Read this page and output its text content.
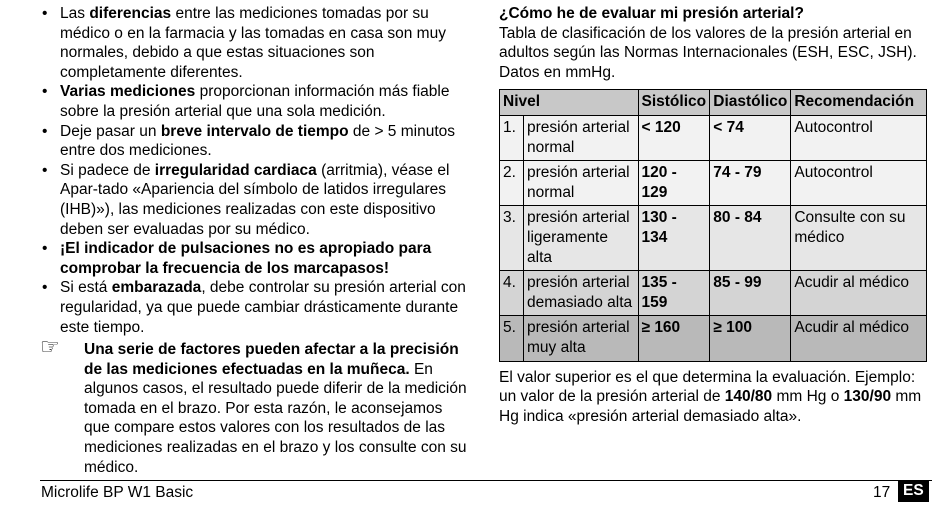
• Las diferencias entre las mediciones tomadas por su médico o en la farmacia y las tomadas en casa son muy normales, debido a que estas situaciones son completamente diferentes.
• Varias mediciones proporcionan información más fiable sobre la presión arterial que una sola medición.
• Deje pasar un breve intervalo de tiempo de > 5 minutos entre dos mediciones.
• Si padece de irregularidad cardiaca (arritmia), véase el Apar-tado «Apariencia del símbolo de latidos irregulares (IHB)»), las mediciones realizadas con este dispositivo deben ser evaluadas por su médico.
• ¡El indicador de pulsaciones no es apropiado para comprobar la frecuencia de los marcapasos!
• Si está embarazada, debe controlar su presión arterial con regularidad, ya que puede cambiar drásticamente durante este tiempo.
☞ Una serie de factores pueden afectar a la precisión de las mediciones efectuadas en la muñeca. En algunos casos, el resultado puede diferir de la medición tomada en el brazo. Por esta razón, le aconsejamos que compare estos valores con los resultados de las mediciones realizadas en el brazo y los consulte con su médico.
¿Cómo he de evaluar mi presión arterial?
Tabla de clasificación de los valores de la presión arterial en adultos según las Normas Internacionales (ESH, ESC, JSH). Datos en mmHg.
Nivel		Sistólico	Diastólico	Recomendación
1.	presión arterial normal	< 120	< 74	Autocontrol
2.	presión arterial normal	120 - 129	74 - 79	Autocontrol
3.	presión arterial ligeramente alta	130 - 134	80 - 84	Consulte con su médico
4.	presión arterial demasiado alta	135 - 159	85 - 99	Acudir al médico
5.	presión arterial muy alta	≥ 160	≥ 100	Acudir al médico

El valor superior es el que determina la evaluación. Ejemplo: un valor de la presión arterial de 140/80 mm Hg o 130/90 mm Hg indica «presión arterial demasiado alta».

Microlife BP W1 Basic	17 ES
